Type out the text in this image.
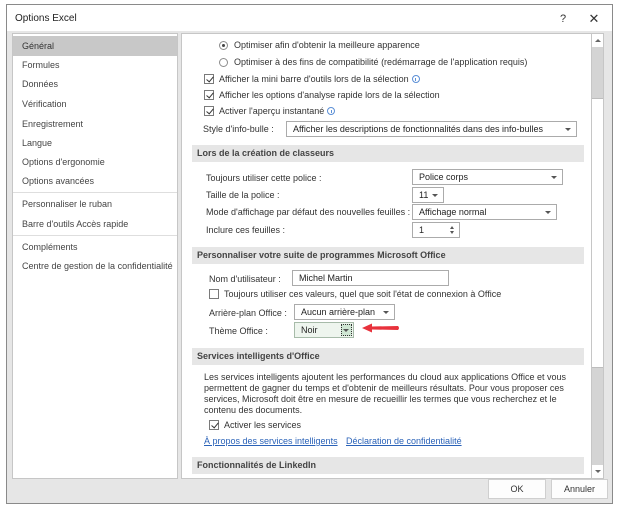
Options Excel	?	✕
Général
Formules
Données
Vérification
Enregistrement
Langue
Options d'ergonomie
Options avancées
Personnaliser le ruban
Barre d'outils Accès rapide
Compléments
Centre de gestion de la confidentialité
Optimiser afin d'obtenir la meilleure apparence
Optimiser à des fins de compatibilité (redémarrage de l'application requis)
Afficher la mini barre d'outils lors de la sélection
Afficher les options d'analyse rapide lors de la sélection
Activer l'aperçu instantané
Style d'info-bulle :	Afficher les descriptions de fonctionnalités dans des info-bulles
Lors de la création de classeurs
Toujours utiliser cette police :	Police corps
Taille de la police :	11
Mode d'affichage par défaut des nouvelles feuilles : Affichage normal
Inclure ces feuilles :	1
Personnaliser votre suite de programmes Microsoft Office
Nom d'utilisateur :
Michel Martin
Toujours utiliser ces valeurs, quel que soit l'état de connexion à Office
Arrière-plan Office :	Aucun arrière-plan
Thème Office :	Noir
Services intelligents d'Office
Les services intelligents ajoutent les performances du cloud aux applications Office et vous permettent de gagner du temps et d'obtenir de meilleurs résultats. Pour vous proposer ces services, Microsoft doit être en mesure de recueillir les termes que vous recherchez et le contenu des documents.
Activer les services
À propos des services intelligents Déclaration de confidentialité
Fonctionnalités de LinkedIn
OK	Annuler
